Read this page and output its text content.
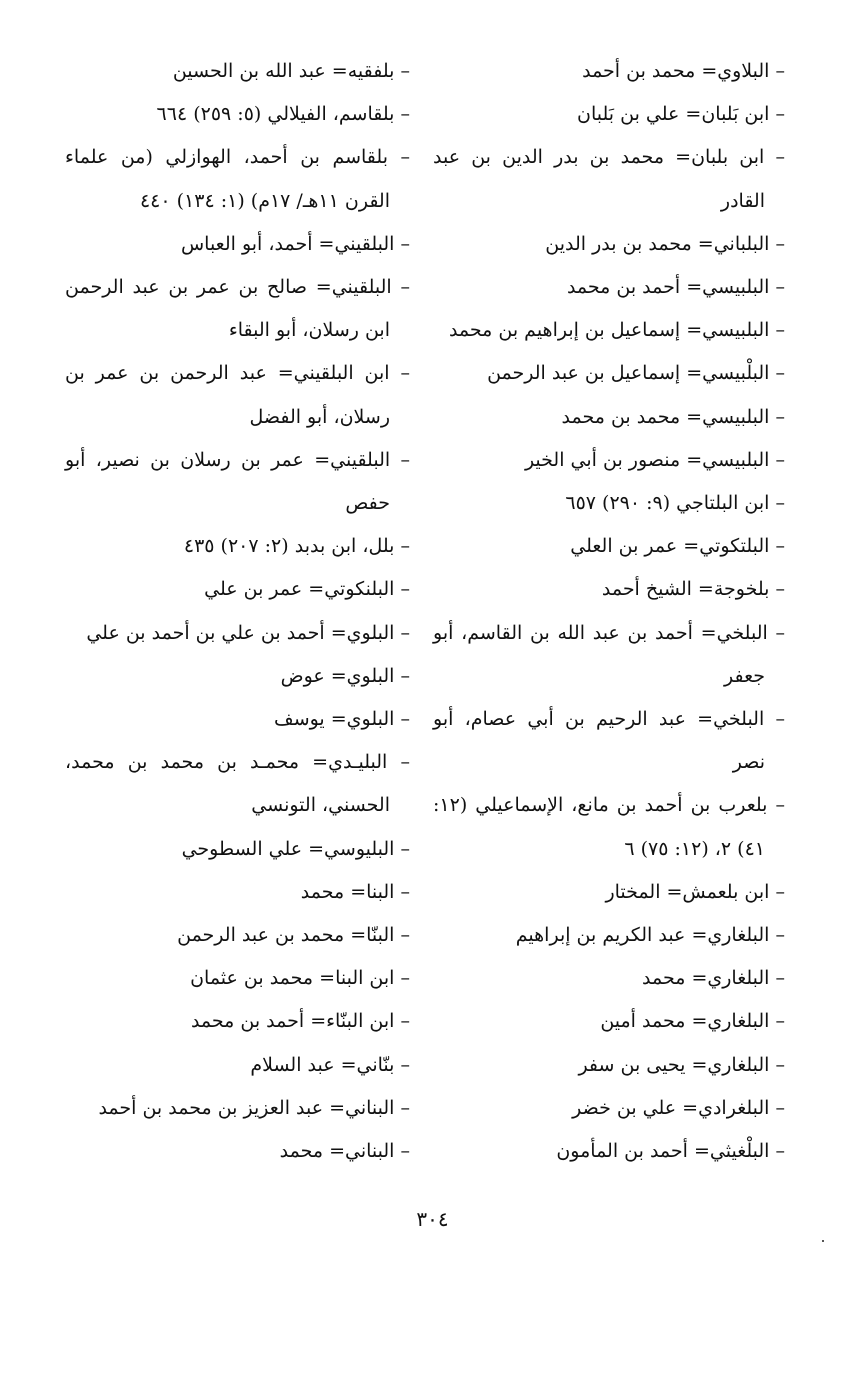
– البلاوي= محمد بن أحمد

– ابن بَلبان= علي بن بَلبان

– ابن بلبان= محمد بن بدر الدين بن عبد القادر

– البلباني= محمد بن بدر الدين

– البلبيسي= أحمد بن محمد

– البلبيسي= إسماعيل بن إبراهيم بن محمد

– البلْبيسي= إسماعيل بن عبد الرحمن

– البلبيسي= محمد بن محمد

– البلبيسي= منصور بن أبي الخير

– ابن البلتاجي (٩: ٢٩٠) ٦٥٧

– البلتكوتي= عمر بن العلي

– بلخوجة= الشيخ أحمد

– البلخي= أحمد بن عبد الله بن القاسم، أبو جعفر

– البلخي= عبد الرحيم بن أبي عصام، أبو نصر

– بلعرب بن أحمد بن مانع، الإسماعيلي (١٢: ٤١) ٢، (١٢: ٧٥) ٦

– ابن بلعمش= المختار

– البلغاري= عبد الكريم بن إبراهيم

– البلغاري= محمد

– البلغاري= محمد أمين

– البلغاري= يحيى بن سفر

– البلغرادي= علي بن خضر

– البلْغيثي= أحمد بن المأمون

– بلفقيه= عبد الله بن الحسين

– بلقاسم، الفيلالي (٥: ٢٥٩) ٦٦٤

– بلقاسم بن أحمد، الهوازلي (من علماء القرن ١١هـ/ ١٧م) (١: ١٣٤) ٤٤٠

– البلقيني= أحمد، أبو العباس

– البلقيني= صالح بن عمر بن عبد الرحمن ابن رسلان، أبو البقاء

– ابن البلقيني= عبد الرحمن بن عمر بن رسلان، أبو الفضل

– البلقيني= عمر بن رسلان بن نصير، أبو حفص

– بلل، ابن بدبد (٢: ٢٠٧) ٤٣٥

– البلنكوتي= عمر بن علي

– البلوي= أحمد بن علي بن أحمد بن علي

– البلوي= عوض

– البلوي= يوسف

– البليـدي= محمـد بن محمد بن محمد، الحسني، التونسي

– البليوسي= علي السطوحي

– البنا= محمد

– البنّا= محمد بن عبد الرحمن

– ابن البنا= محمد بن عثمان

– ابن البنّاء= أحمد بن محمد

– بنّاني= عبد السلام

– البناني= عبد العزيز بن محمد بن أحمد

– البناني= محمد

٣٠٤
